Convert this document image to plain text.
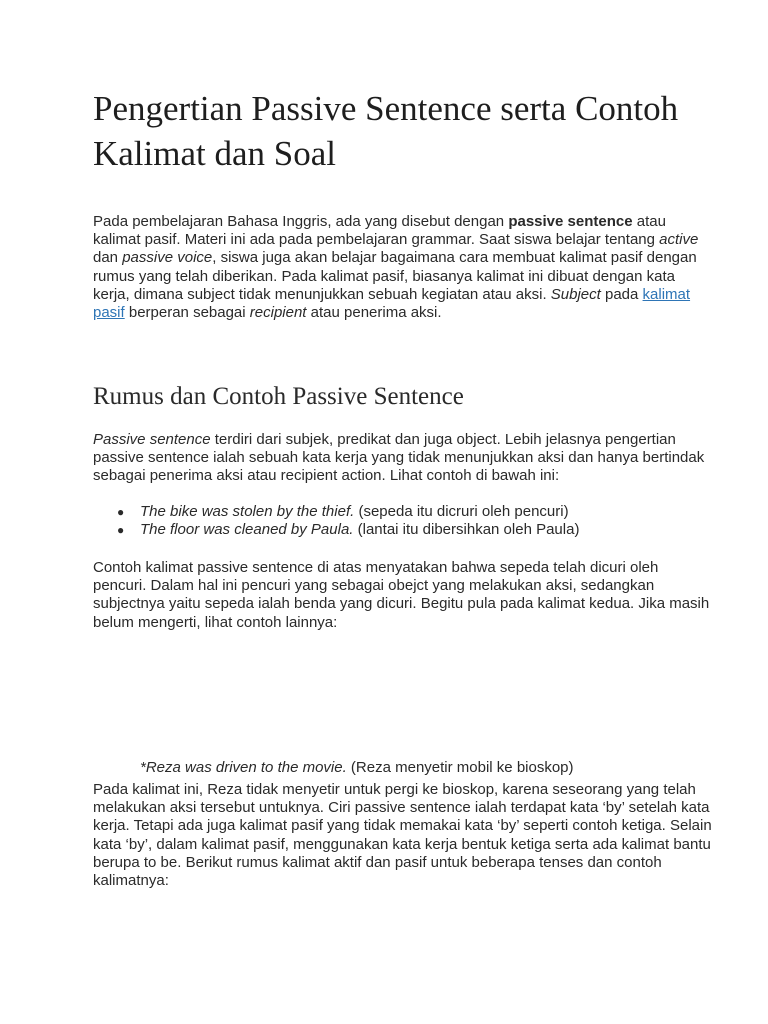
Pengertian Passive Sentence serta Contoh Kalimat dan Soal

Pada pembelajaran Bahasa Inggris, ada yang disebut dengan passive sentence atau kalimat pasif. Materi ini ada pada pembelajaran grammar. Saat siswa belajar tentang active dan passive voice, siswa juga akan belajar bagaimana cara membuat kalimat pasif dengan rumus yang telah diberikan. Pada kalimat pasif, biasanya kalimat ini dibuat dengan kata kerja, dimana subject tidak menunjukkan sebuah kegiatan atau aksi. Subject pada kalimat pasif berperan sebagai recipient atau penerima aksi.

Rumus dan Contoh Passive Sentence

Passive sentence terdiri dari subjek, predikat dan juga object. Lebih jelasnya pengertian passive sentence ialah sebuah kata kerja yang tidak menunjukkan aksi dan hanya bertindak sebagai penerima aksi atau recipient action. Lihat contoh di bawah ini:

● The bike was stolen by the thief. (sepeda itu dicruri oleh pencuri)
● The floor was cleaned by Paula. (lantai itu dibersihkan oleh Paula)

Contoh kalimat passive sentence di atas menyatakan bahwa sepeda telah dicuri oleh pencuri. Dalam hal ini pencuri yang sebagai obejct yang melakukan aksi, sedangkan subjectnya yaitu sepeda ialah benda yang dicuri. Begitu pula pada kalimat kedua. Jika masih belum mengerti, lihat contoh lainnya:

*Reza was driven to the movie. (Reza menyetir mobil ke bioskop)

Pada kalimat ini, Reza tidak menyetir untuk pergi ke bioskop, karena seseorang yang telah melakukan aksi tersebut untuknya. Ciri passive sentence ialah terdapat kata ‘by’ setelah kata kerja. Tetapi ada juga kalimat pasif yang tidak memakai kata ‘by’ seperti contoh ketiga. Selain kata ‘by’, dalam kalimat pasif, menggunakan kata kerja bentuk ketiga serta ada kalimat bantu berupa to be. Berikut rumus kalimat aktif dan pasif untuk beberapa tenses dan contoh kalimatnya:
